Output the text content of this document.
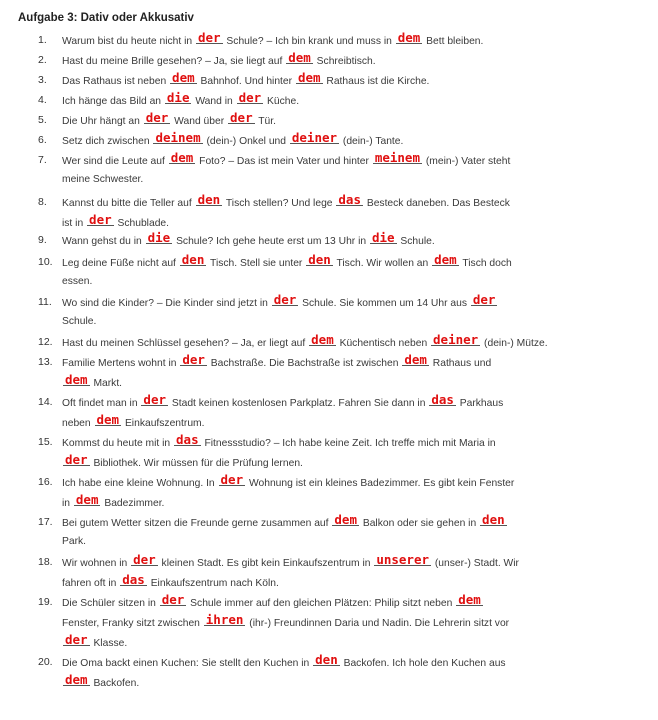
Aufgabe 3: Dativ oder Akkusativ
1. Warum bist du heute nicht in der Schule? – Ich bin krank und muss in dem Bett bleiben.
2. Hast du meine Brille gesehen? – Ja, sie liegt auf dem Schreibtisch.
3. Das Rathaus ist neben dem Bahnhof. Und hinter dem Rathaus ist die Kirche.
4. Ich hänge das Bild an die Wand in der Küche.
5. Die Uhr hängt an der Wand über der Tür.
6. Setz dich zwischen deinem (dein-) Onkel und deiner (dein-) Tante.
7. Wer sind die Leute auf dem Foto? – Das ist mein Vater und hinter meinem (mein-) Vater steht
meine Schwester.
8. Kannst du bitte die Teller auf den Tisch stellen? Und lege das Besteck daneben. Das Besteck
ist in der Schublade.
9. Wann gehst du in die Schule? Ich gehe heute erst um 13 Uhr in die Schule.
10. Leg deine Füße nicht auf den Tisch. Stell sie unter den Tisch. Wir wollen an dem Tisch doch
essen.
11. Wo sind die Kinder? – Die Kinder sind jetzt in der Schule. Sie kommen um 14 Uhr aus der
Schule.
12. Hast du meinen Schlüssel gesehen? – Ja, er liegt auf dem Küchentisch neben deiner (dein-) Mütze.
13. Familie Mertens wohnt in der Bachstraße. Die Bachstraße ist zwischen dem Rathaus und
dem Markt.
14. Oft findet man in der Stadt keinen kostenlosen Parkplatz. Fahren Sie dann in das Parkhaus
neben dem Einkaufszentrum.
15. Kommst du heute mit in das Fitnessstudio? – Ich habe keine Zeit. Ich treffe mich mit Maria in
der Bibliothek. Wir müssen für die Prüfung lernen.
16. Ich habe eine kleine Wohnung. In der Wohnung ist ein kleines Badezimmer. Es gibt kein Fenster
in dem Badezimmer.
17. Bei gutem Wetter sitzen die Freunde gerne zusammen auf dem Balkon oder sie gehen in den
Park.
18. Wir wohnen in der kleinen Stadt. Es gibt kein Einkaufszentrum in unserer (unser-) Stadt. Wir
fahren oft in das Einkaufszentrum nach Köln.
19. Die Schüler sitzen in der Schule immer auf den gleichen Plätzen: Philip sitzt neben dem
Fenster, Franky sitzt zwischen ihren (ihr-) Freundinnen Daria und Nadin. Die Lehrerin sitzt vor
der Klasse.
20. Die Oma backt einen Kuchen: Sie stellt den Kuchen in den Backofen. Ich hole den Kuchen aus
dem Backofen.
